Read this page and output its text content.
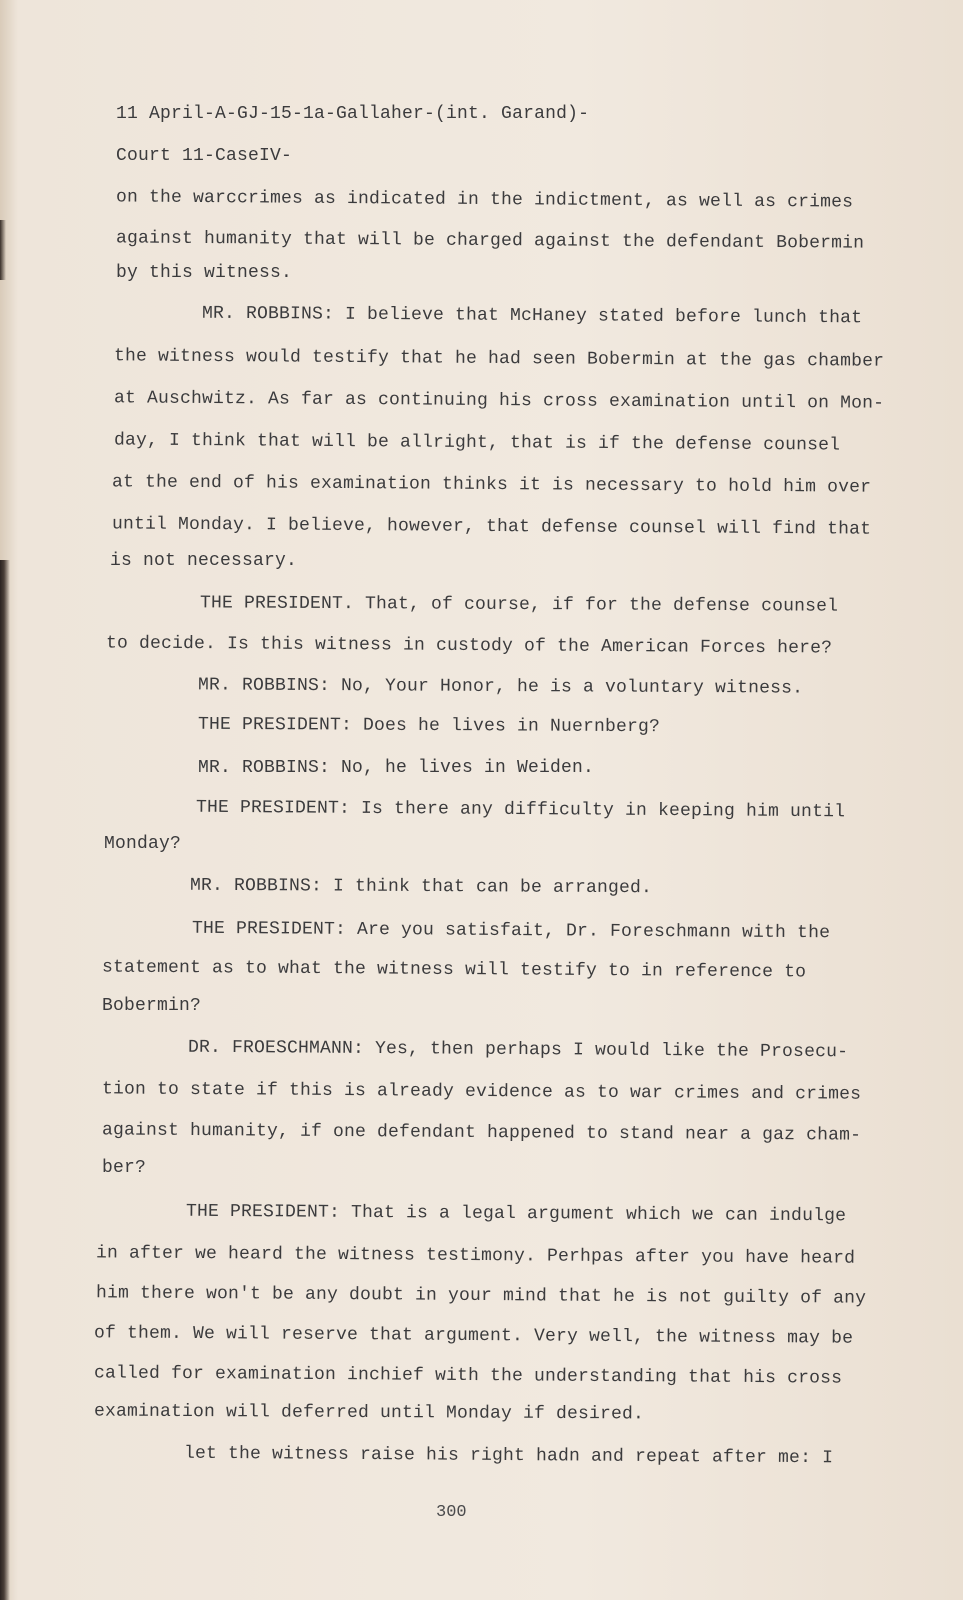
11 April-A-GJ-15-1a-Gallaher-(int. Garand)-
Court 11-CaseIV-
on the warccrimes as indicated in the indictment, as well as crimes
against humanity that will be charged against the defendant Bobermin
by this witness.
MR. ROBBINS: I believe that McHaney stated before lunch that
the witness would testify that he had seen Bobermin at the gas chamber
at Auschwitz. As far as continuing his cross examination until on Mon-
day, I think that will be allright, that is if the defense counsel
at the end of his examination thinks it is necessary to hold him over
until Monday. I believe, however, that defense counsel will find that
is not necessary.
THE PRESIDENT. That, of course, if for the defense counsel
to decide. Is this witness in custody of the American Forces here?
MR. ROBBINS: No, Your Honor, he is a voluntary witness.
THE PRESIDENT: Does he lives in Nuernberg?
MR. ROBBINS: No, he lives in Weiden.
THE PRESIDENT: Is there any difficulty in keeping him until
Monday?
MR. ROBBINS: I think that can be arranged.
THE PRESIDENT: Are you satisfait, Dr. Foreschmann with the
statement as to what the witness will testify to in reference to
Bobermin?
DR. FROESCHMANN: Yes, then perhaps I would like the Prosecu-
tion to state if this is already evidence as to war crimes and crimes
against humanity, if one defendant happened to stand near a gaz cham-
ber?
THE PRESIDENT: That is a legal argument which we can indulge
in after we heard the witness testimony. Perhpas after you have heard
him there won't be any doubt in your mind that he is not guilty of any
of them. We will reserve that argument. Very well, the witness may be
called for examination inchief with the understanding that his cross
examination will deferred until Monday if desired.
let the witness raise his right hadn and repeat after me: I
300
